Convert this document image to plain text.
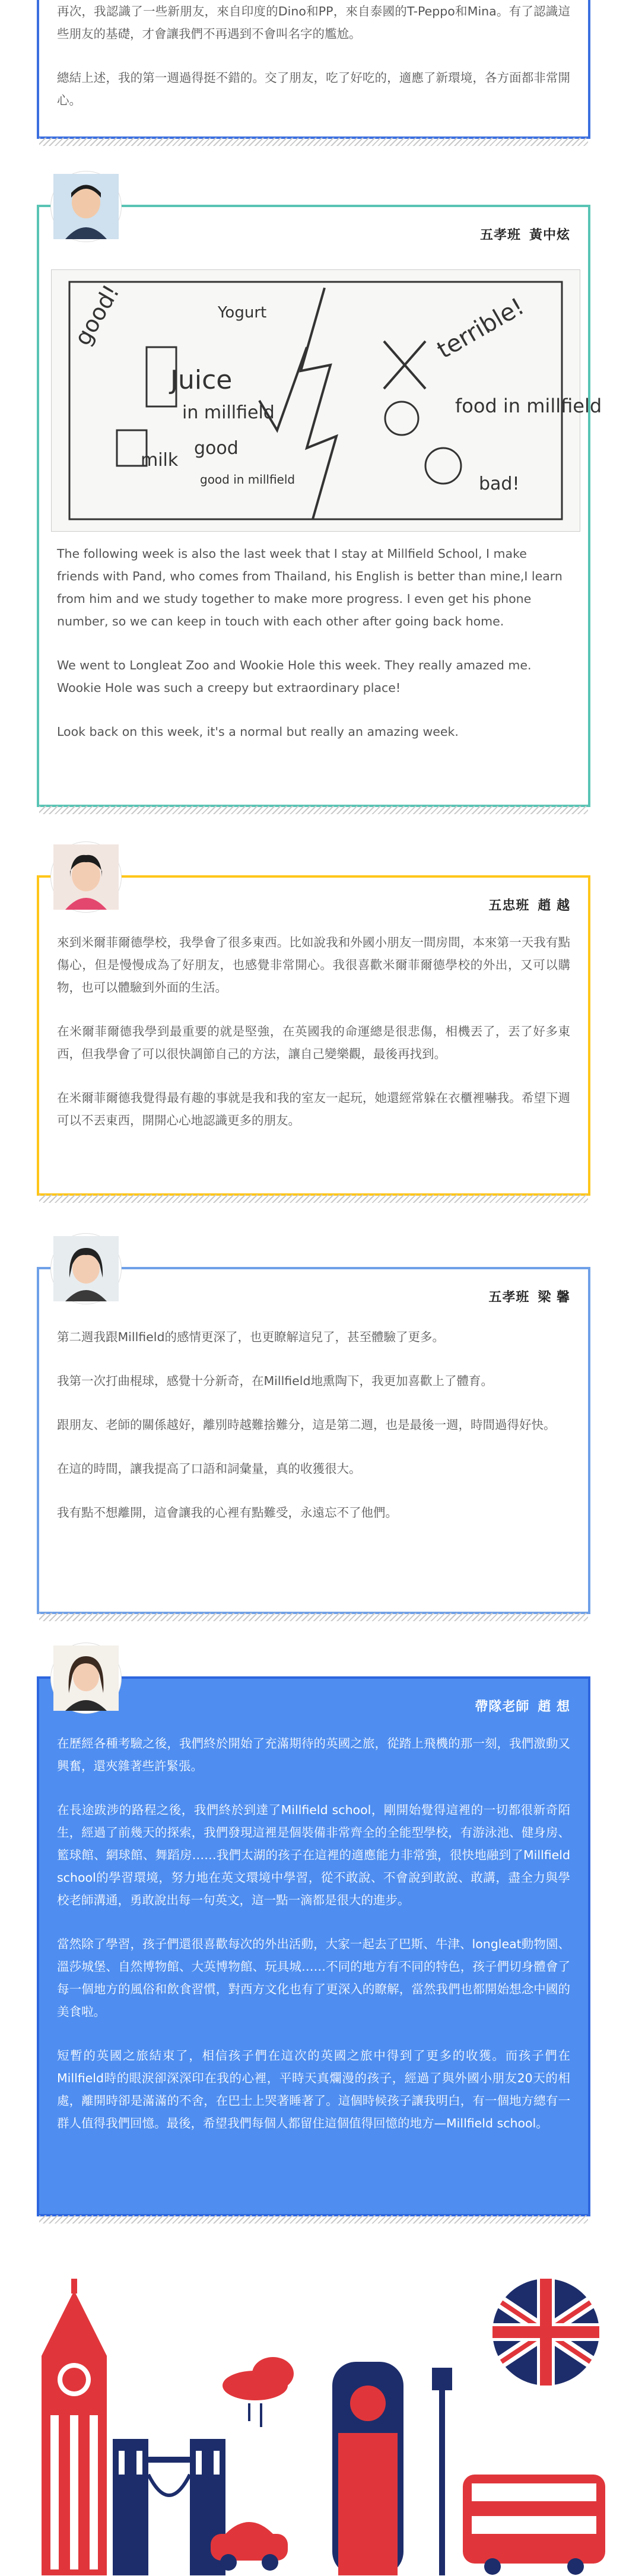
再次，我認識了一些新朋友，來自印度的Dino和PP，來自泰國的T-Peppo和Mina。有了認識這些朋友的基礎，才會讓我們不再遇到不會叫名字的尷尬。

總結上述，我的第一週過得挺不錯的。交了朋友，吃了好吃的，適應了新環境，各方面都非常開心。

五孝班 黃中炫
good!	Yogurt
Juice
in millfield
good
milk
good in millfield
terrible!
food in millfield
bad!

The following week is also the last week that I stay at Millfield School, I make friends with Pand, who comes from Thailand, his English is better than mine,I learn from him and we study together to make more progress. I even get his phone number, so we can keep in touch with each other after going back home.

We went to Longleat Zoo and Wookie Hole this week. They really amazed me. Wookie Hole was such a creepy but extraordinary place!

Look back on this week, it's a normal but really an amazing week.

五忠班 趙 越

來到米爾菲爾德學校，我學會了很多東西。比如說我和外國小朋友一間房間，本來第一天我有點傷心，但是慢慢成為了好朋友，也感覺非常開心。我很喜歡米爾菲爾德學校的外出，又可以購物，也可以體驗到外面的生活。

在米爾菲爾德我學到最重要的就是堅強，在英國我的命運總是很悲傷，相機丟了，丟了好多東西，但我學會了可以很快調節自己的方法，讓自己變樂觀，最後再找到。

在米爾菲爾德我覺得最有趣的事就是我和我的室友一起玩，她還經常躲在衣櫃裡嚇我。希望下週可以不丟東西，開開心心地認識更多的朋友。

五孝班 梁 馨

第二週我跟Millfield的感情更深了，也更瞭解這兒了，甚至體驗了更多。

我第一次打曲棍球，感覺十分新奇，在Millfield地熏陶下，我更加喜歡上了體育。

跟朋友、老師的關係越好，離別時越難捨難分，這是第二週，也是最後一週，時間過得好快。

在這的時間，讓我提高了口語和詞彙量，真的收獲很大。

我有點不想離開，這會讓我的心裡有點難受，永遠忘不了他們。

帶隊老師 趙 想

在歷經各種考驗之後，我們終於開始了充滿期待的英國之旅，從踏上飛機的那一刻，我們激動又興奮，還夾雜著些許緊張。

在長途跋涉的路程之後，我們終於到達了Millfield school，剛開始覺得這裡的一切都很新奇陌生，經過了前幾天的探索，我們發現這裡是個裝備非常齊全的全能型學校，有游泳池、健身房、籃球館、網球館、舞蹈房……我們太湖的孩子在這裡的適應能力非常強，很快地融到了Millfield school的學習環境，努力地在英文環境中學習，從不敢說、不會說到敢說、敢講，盡全力與學校老師溝通，勇敢說出每一句英文，這一點一滴都是很大的進步。

當然除了學習，孩子們還很喜歡每次的外出活動，大家一起去了巴斯、牛津、longleat動物園、溫莎城堡、自然博物館、大英博物館、玩具城……不同的地方有不同的特色，孩子們切身體會了每一個地方的風俗和飲食習慣，對西方文化也有了更深入的瞭解，當然我們也都開始想念中國的美食啦。

短暫的英國之旅結束了，相信孩子們在這次的英國之旅中得到了更多的收獲。而孩子們在Millfield時的眼淚卻深深印在我的心裡，平時天真爛漫的孩子，經過了與外國小朋友20天的相處，離開時卻是滿滿的不舍，在巴士上哭著睡著了。這個時候孩子讓我明白，有一個地方總有一群人值得我們回憶。最後，希望我們每個人都留住這個值得回憶的地方—Millfield school。
